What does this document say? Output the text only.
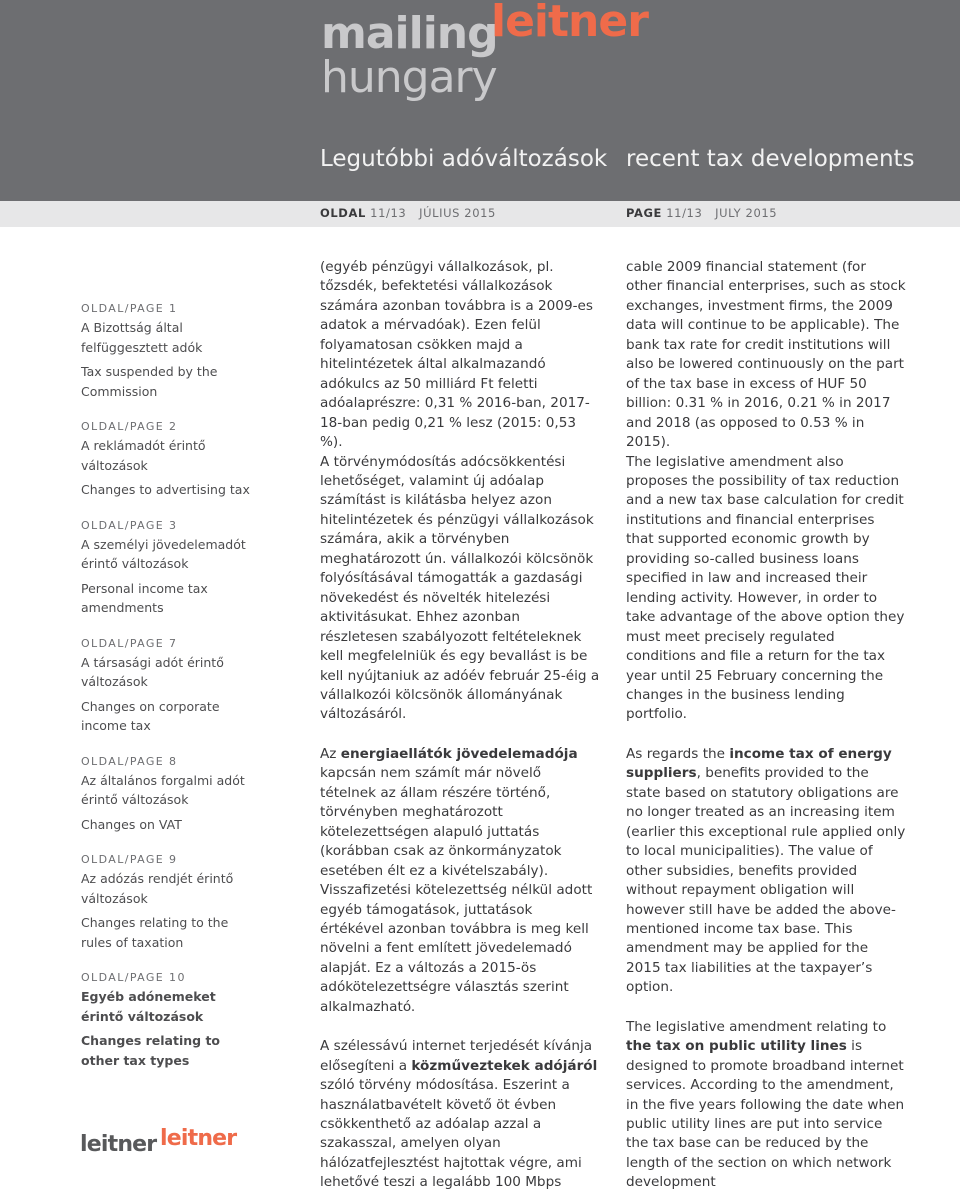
mailing
leitner
hungary
Legutóbbi adóváltozások recent tax developments
OLDAL 11/13 JÚLIUS 2015	PAGE 11/13 JULY 2015
OLDAL/PAGE 1
A Bizottság által felfüggesztett adók
Tax suspended by the Commission
OLDAL/PAGE 2
A reklámadót érintő változások
Changes to advertising tax
OLDAL/PAGE 3
A személyi jövedelemadót érintő változások
Personal income tax amendments
OLDAL/PAGE 7
A társasági adót érintő változások
Changes on corporate income tax
OLDAL/PAGE 8
Az általános forgalmi adót érintő változások
Changes on VAT
OLDAL/PAGE 9
Az adózás rendjét érintő változások
Changes relating to the rules of taxation
OLDAL/PAGE 10
Egyéb adónemeket érintő változások
Changes relating to other tax types
leitner leitner

(egyéb pénzügyi vállalkozások, pl. tőzsdék, befektetési vállalkozások számára azonban továbbra is a 2009-es adatok a mérvadóak). Ezen felül folyamatosan csökken majd a hitelintézetek által alkalmazandó adókulcs az 50 milliárd Ft feletti adóalaprészre: 0,31 % 2016-ban, 2017-18-ban pedig 0,21 % lesz (2015: 0,53 %).

A törvénymódosítás adócsökkentési lehetőséget, valamint új adóalap számítást is kilátásba helyez azon hitelintézetek és pénzügyi vállalkozások számára, akik a törvényben meghatározott ún. vállalkozói kölcsönök folyósításával támogatták a gazdasági növekedést és növelték hitelezési aktivitásukat. Ehhez azonban részletesen szabályozott feltételeknek kell megfelelniük és egy bevallást is be kell nyújtaniuk az adóév február 25-éig a vállalkozói kölcsönök állományának változásáról.

Az energiaellátók jövedelemadója kapcsán nem számít már növelő tételnek az állam részére történő, törvényben meghatározott kötelezettségen alapuló juttatás (korábban csak az önkormányzatok esetében élt ez a kivételszabály). Visszafizetési kötelezettség nélkül adott egyéb támogatások, juttatások értékével azonban továbbra is meg kell növelni a fent említett jövedelemadó alapját. Ez a változás a 2015-ös adókötelezettségre választás szerint alkalmazható.

A szélessávú internet terjedését kívánja elősegíteni a közműveztekek adójáról szóló törvény módosítása. Eszerint a használatbavételt követő öt évben csökkenthető az adóalap azzal a szakasszal, amelyen olyan hálózatfejlesztést hajtottak végre, ami lehetővé teszi a legalább 100 Mbps

cable 2009 financial statement (for other financial enterprises, such as stock exchanges, investment firms, the 2009 data will continue to be applicable). The bank tax rate for credit institutions will also be lowered continuously on the part of the tax base in excess of HUF 50 billion: 0.31 % in 2016, 0.21 % in 2017 and 2018 (as opposed to 0.53 % in 2015).

The legislative amendment also proposes the possibility of tax reduction and a new tax base calculation for credit institutions and financial enterprises that supported economic growth by providing so-called business loans specified in law and increased their lending activity. However, in order to take advantage of the above option they must meet precisely regulated conditions and file a return for the tax year until 25 February concerning the changes in the business lending portfolio.

As regards the income tax of energy suppliers, benefits provided to the state based on statutory obligations are no longer treated as an increasing item (earlier this exceptional rule applied only to local municipalities). The value of other subsidies, benefits provided without repayment obligation will however still have be added the above-mentioned income tax base. This amendment may be applied for the 2015 tax liabilities at the taxpayer’s option.

The legislative amendment relating to the tax on public utility lines is designed to promote broadband internet services. According to the amendment, in the five years following the date when public utility lines are put into service the tax base can be reduced by the length of the section on which network development
